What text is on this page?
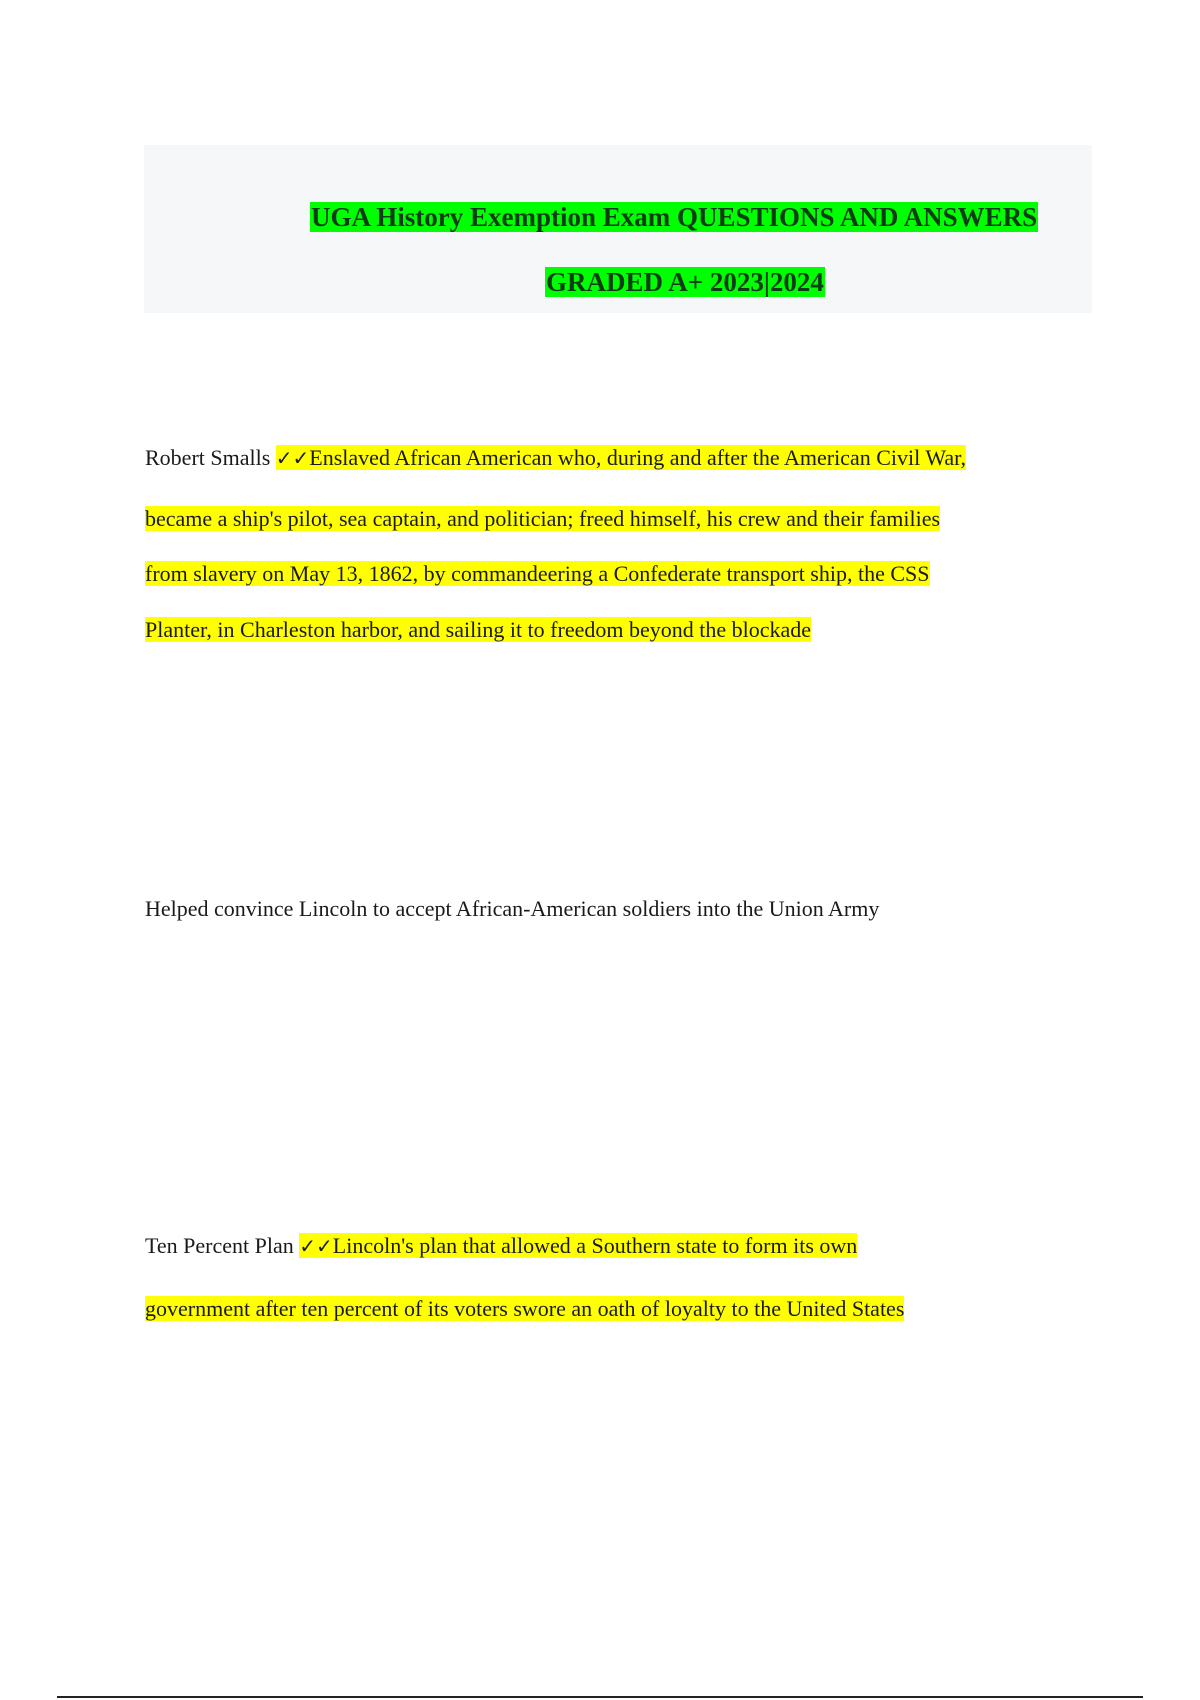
UGA History Exemption Exam QUESTIONS AND ANSWERS
GRADED A+ 2023|2024
Robert Smalls ✓✓Enslaved African American who, during and after the American Civil War,
became a ship's pilot, sea captain, and politician; freed himself, his crew and their families
from slavery on May 13, 1862, by commandeering a Confederate transport ship, the CSS
Planter, in Charleston harbor, and sailing it to freedom beyond the blockade
Helped convince Lincoln to accept African-American soldiers into the Union Army
Ten Percent Plan ✓✓Lincoln's plan that allowed a Southern state to form its own
government after ten percent of its voters swore an oath of loyalty to the United States
